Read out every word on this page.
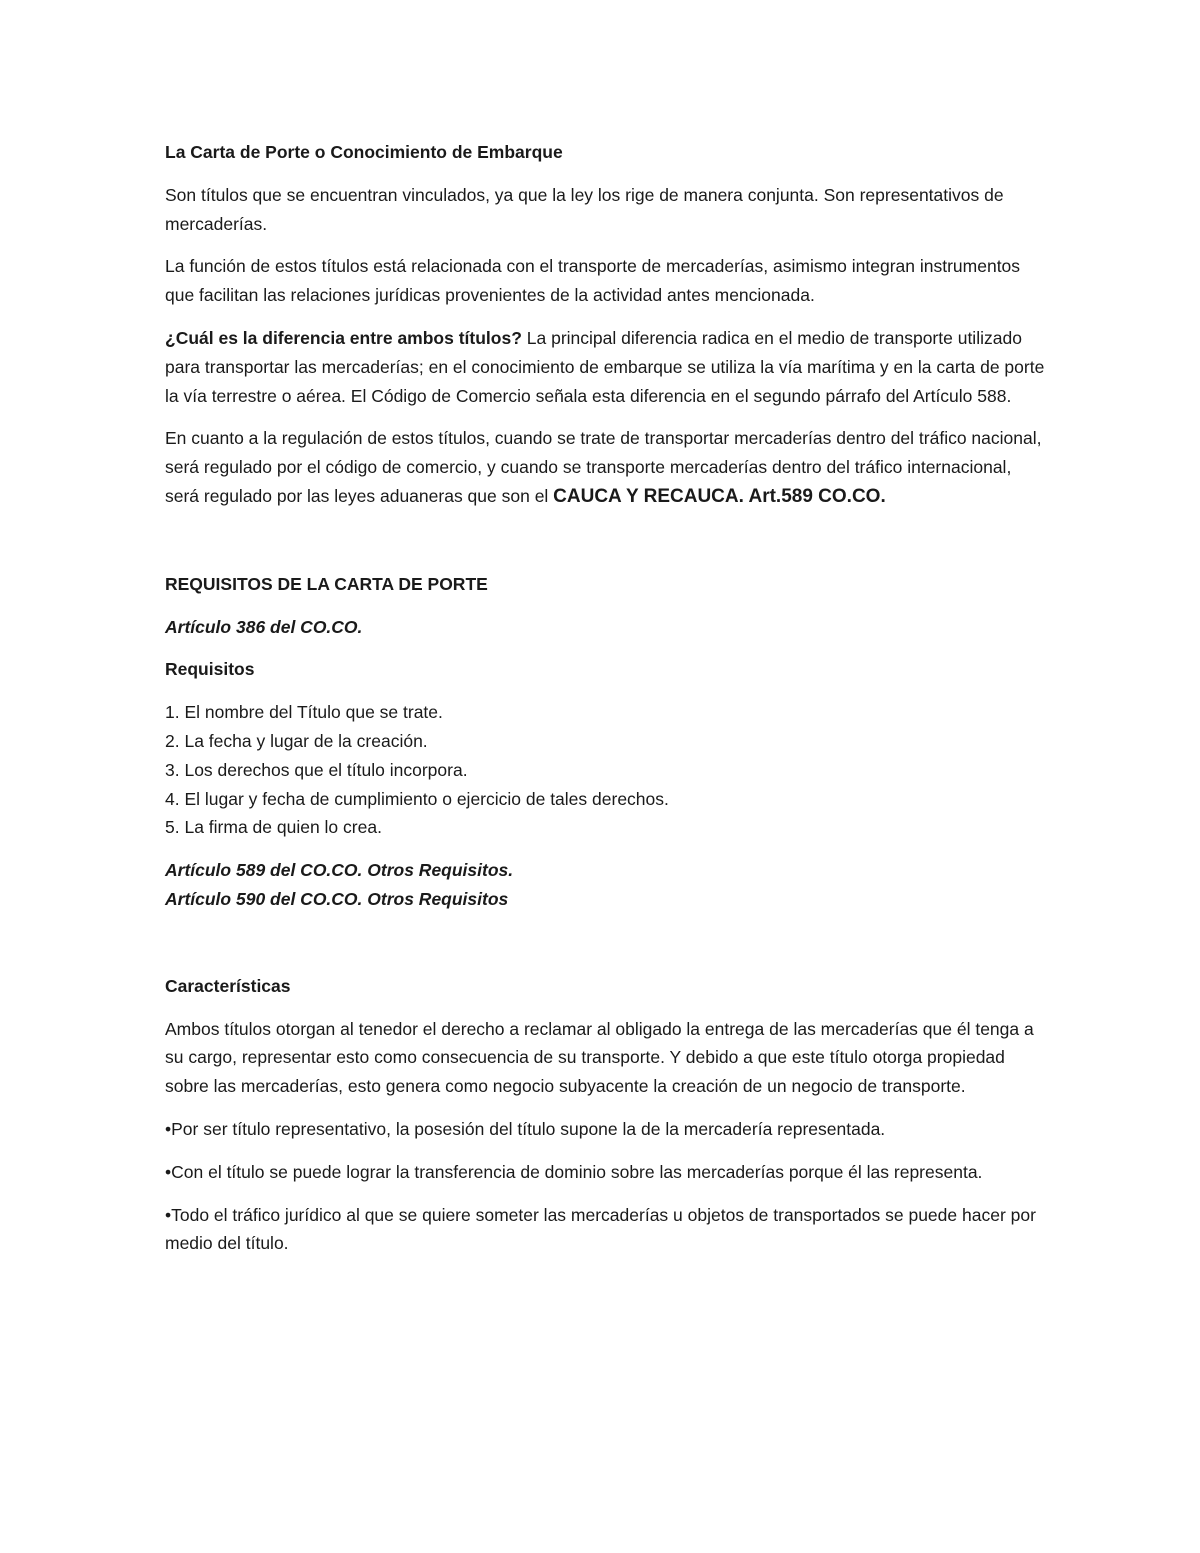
La Carta de Porte o Conocimiento de Embarque

Son títulos que se encuentran vinculados, ya que la ley los rige de manera conjunta. Son representativos de mercaderías.

La función de estos títulos está relacionada con el transporte de mercaderías, asimismo integran instrumentos que facilitan las relaciones jurídicas provenientes de la actividad antes mencionada.

¿Cuál es la diferencia entre ambos títulos? La principal diferencia radica en el medio de transporte utilizado para transportar las mercaderías; en el conocimiento de embarque se utiliza la vía marítima y en la carta de porte la vía terrestre o aérea. El Código de Comercio señala esta diferencia en el segundo párrafo del Artículo 588.

En cuanto a la regulación de estos títulos, cuando se trate de transportar mercaderías dentro del tráfico nacional, será regulado por el código de comercio, y cuando se transporte mercaderías dentro del tráfico internacional, será regulado por las leyes aduaneras que son el CAUCA Y RECAUCA. Art.589 CO.CO.

REQUISITOS DE LA CARTA DE PORTE

Artículo 386 del CO.CO.

Requisitos

1. El nombre del Título que se trate.
2. La fecha y lugar de la creación.
3. Los derechos que el título incorpora.
4. El lugar y fecha de cumplimiento o ejercicio de tales derechos.
5. La firma de quien lo crea.
Artículo 589 del CO.CO. Otros Requisitos.
Artículo 590 del CO.CO. Otros Requisitos

Características

Ambos títulos otorgan al tenedor el derecho a reclamar al obligado la entrega de las mercaderías que él tenga a su cargo, representar esto como consecuencia de su transporte. Y debido a que este título otorga propiedad sobre las mercaderías, esto genera como negocio subyacente la creación de un negocio de transporte.

•Por ser título representativo, la posesión del título supone la de la mercadería representada.

•Con el título se puede lograr la transferencia de dominio sobre las mercaderías porque él las representa.

•Todo el tráfico jurídico al que se quiere someter las mercaderías u objetos de transportados se puede hacer por medio del título.
